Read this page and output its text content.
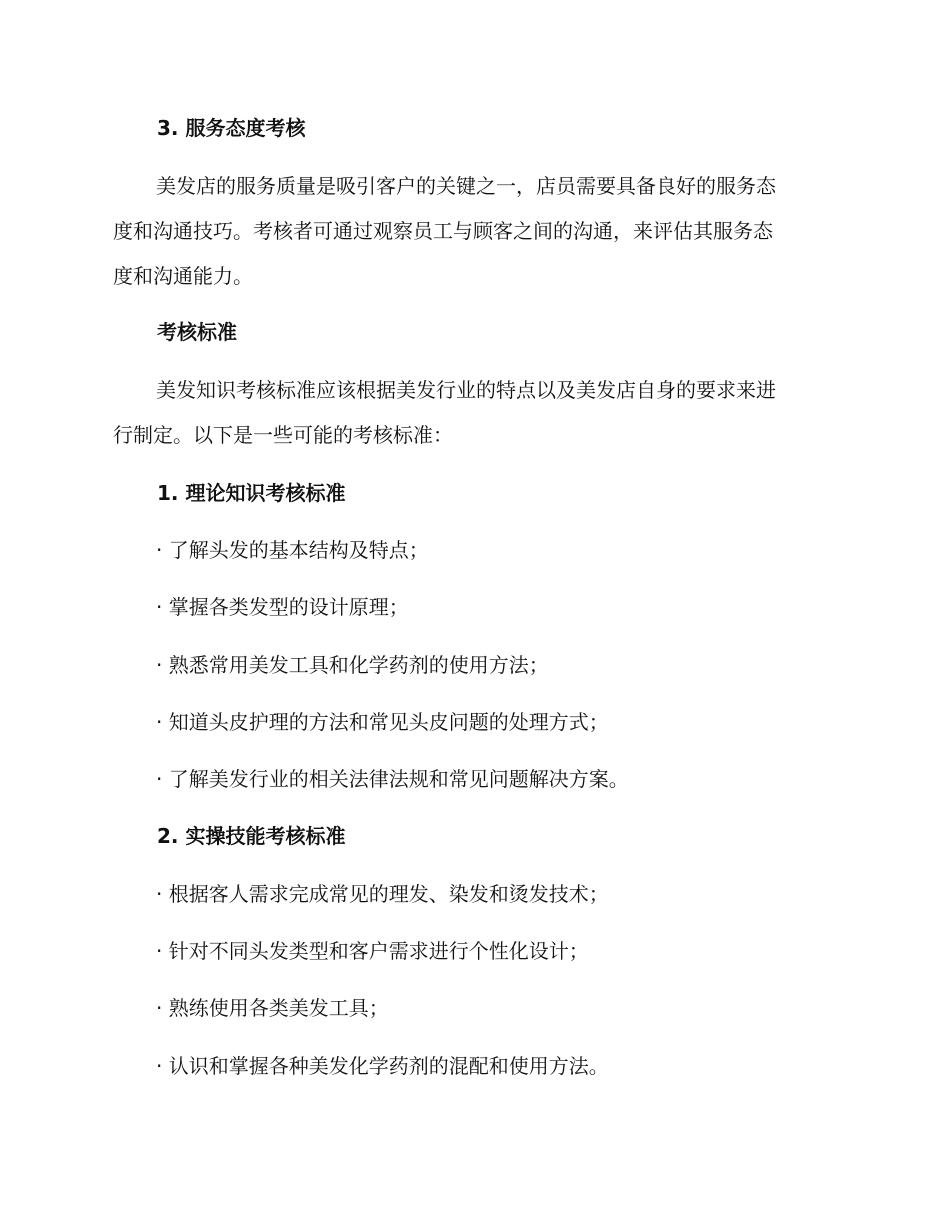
3. 服务态度考核

美发店的服务质量是吸引客户的关键之一，店员需要具备良好的服务态
度和沟通技巧。考核者可通过观察员工与顾客之间的沟通，来评估其服务态
度和沟通能力。

考核标准

美发知识考核标准应该根据美发行业的特点以及美发店自身的要求来进
行制定。以下是一些可能的考核标准：

1. 理论知识考核标准
· 了解头发的基本结构及特点；
· 掌握各类发型的设计原理；
· 熟悉常用美发工具和化学药剂的使用方法；
· 知道头皮护理的方法和常见头皮问题的处理方式；
· 了解美发行业的相关法律法规和常见问题解决方案。
2. 实操技能考核标准
· 根据客人需求完成常见的理发、染发和烫发技术；
· 针对不同头发类型和客户需求进行个性化设计；
· 熟练使用各类美发工具；
· 认识和掌握各种美发化学药剂的混配和使用方法。
